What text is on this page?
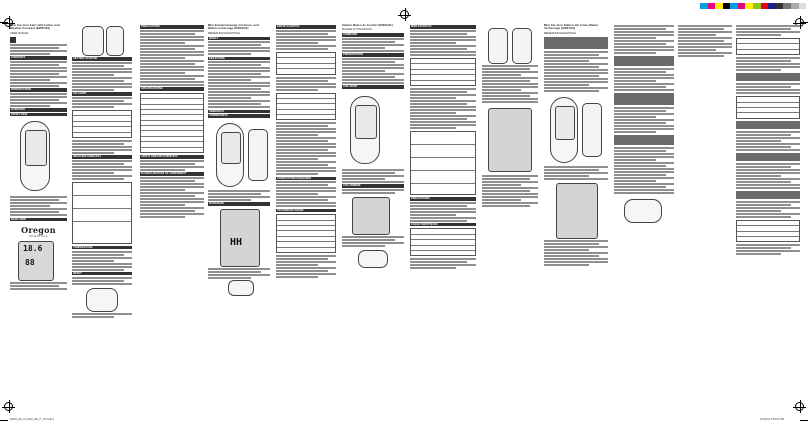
Mini Car Icon Alert with Indoor and Weather Forecast (EW91/91)
USER MANUAL
CONTENTS
INTRODUCTION
OVERVIEW
FRONT VIEW
BACK VIEW
Oregon
SCIENTIFIC
18.6
88
GETTING STARTED
ICE ALERT
WEATHER FORECAST
TEMPERATURE
RESET
PRECAUTIONS
SPECIFICATIONS
ABOUT OREGON SCIENTIFIC
EU-DECLARATION OF CONFORMITY
Mini-Eiswarnanzeige mit Innen- und Wettervorhersage (EW91/91)
BEDIENUNGSANLEITUNG
INHALT
EINLEITUNG
ÜBERSICHT
VORDERSEITE
RÜCKSEITE
HH
ERSTE SCHRITTE
VORSICHTSMASSNAHMEN
TECHNISCHE DATEN
Station Meteo de Confort (EW91/91)
MANUEL D'UTILISATION
SOMMAIRE
PRESENTATION
VUE AVANT
VUE ARRIERE
MISE EN ROUTE
PRECAUTIONS
CARACTERISTIQUES
Mini Car Icon Station mit Innen-Wetter Vorhersage (EW91/91)
BEDIENUNGSANLEITUNG
EW91_EU_M_ENG_DE_IT_FR.indd 1	1/2/2014 3:50:52 PM
